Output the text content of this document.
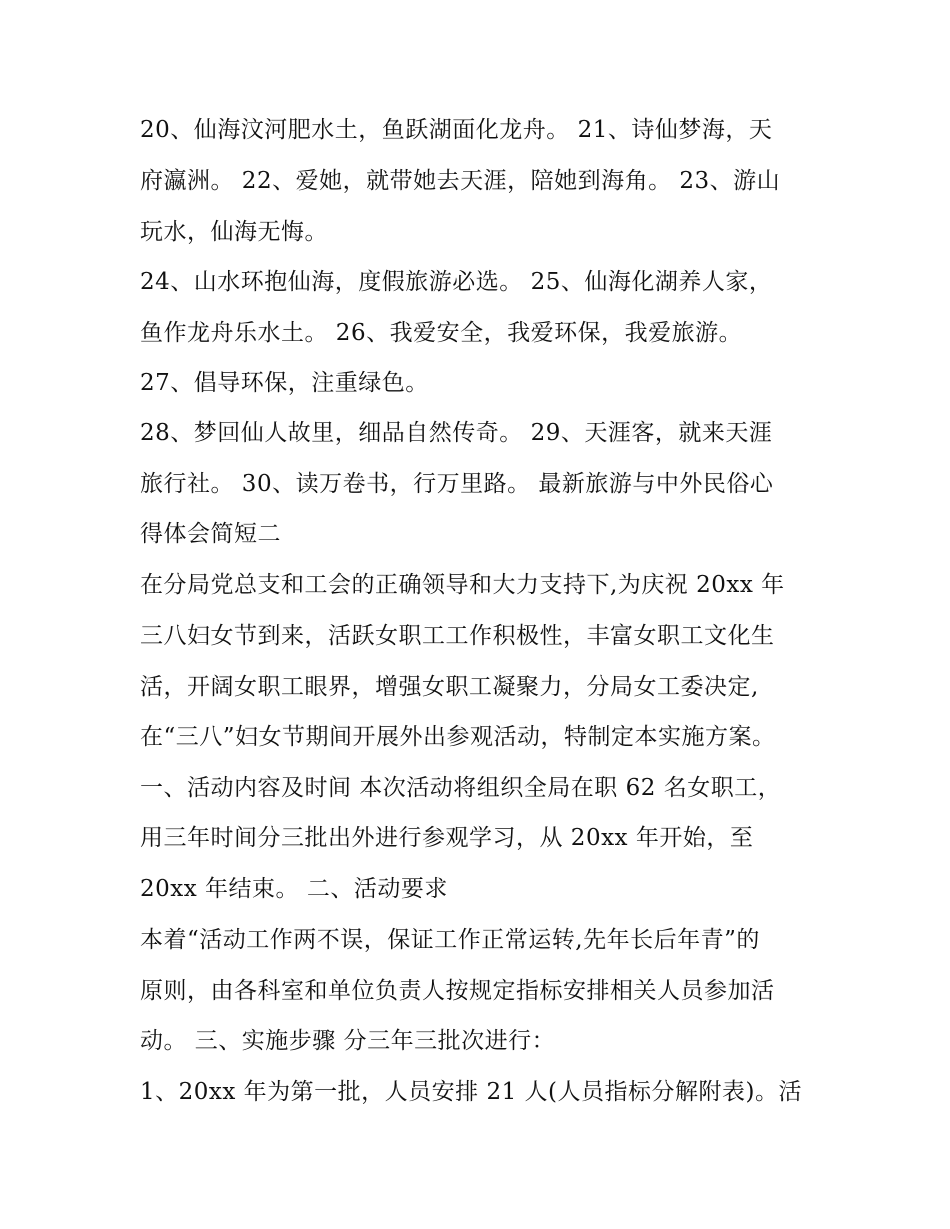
20、仙海汶河肥水土，鱼跃湖面化龙舟。 21、诗仙梦海，天
府瀛洲。 22、爱她，就带她去天涯，陪她到海角。 23、游山
玩水，仙海无悔。
24、山水环抱仙海，度假旅游必选。 25、仙海化湖养人家，
鱼作龙舟乐水土。 26、我爱安全，我爱环保，我爱旅游。
27、倡导环保，注重绿色。
28、梦回仙人故里，细品自然传奇。 29、天涯客，就来天涯
旅行社。 30、读万卷书，行万里路。 最新旅游与中外民俗心
得体会简短二
在分局党总支和工会的正确领导和大力支持下,为庆祝 20xx 年
三八妇女节到来，活跃女职工工作积极性，丰富女职工文化生
活，开阔女职工眼界，增强女职工凝聚力，分局女工委决定,
在“三八”妇女节期间开展外出参观活动，特制定本实施方案。
一、活动内容及时间 本次活动将组织全局在职 62 名女职工，
用三年时间分三批出外进行参观学习，从 20xx 年开始，至
20xx 年结束。 二、活动要求
本着“活动工作两不误，保证工作正常运转,先年长后年青”的
原则，由各科室和单位负责人按规定指标安排相关人员参加活
动。 三、实施步骤 分三年三批次进行：
1、20xx 年为第一批，人员安排 21 人(人员指标分解附表)。活
